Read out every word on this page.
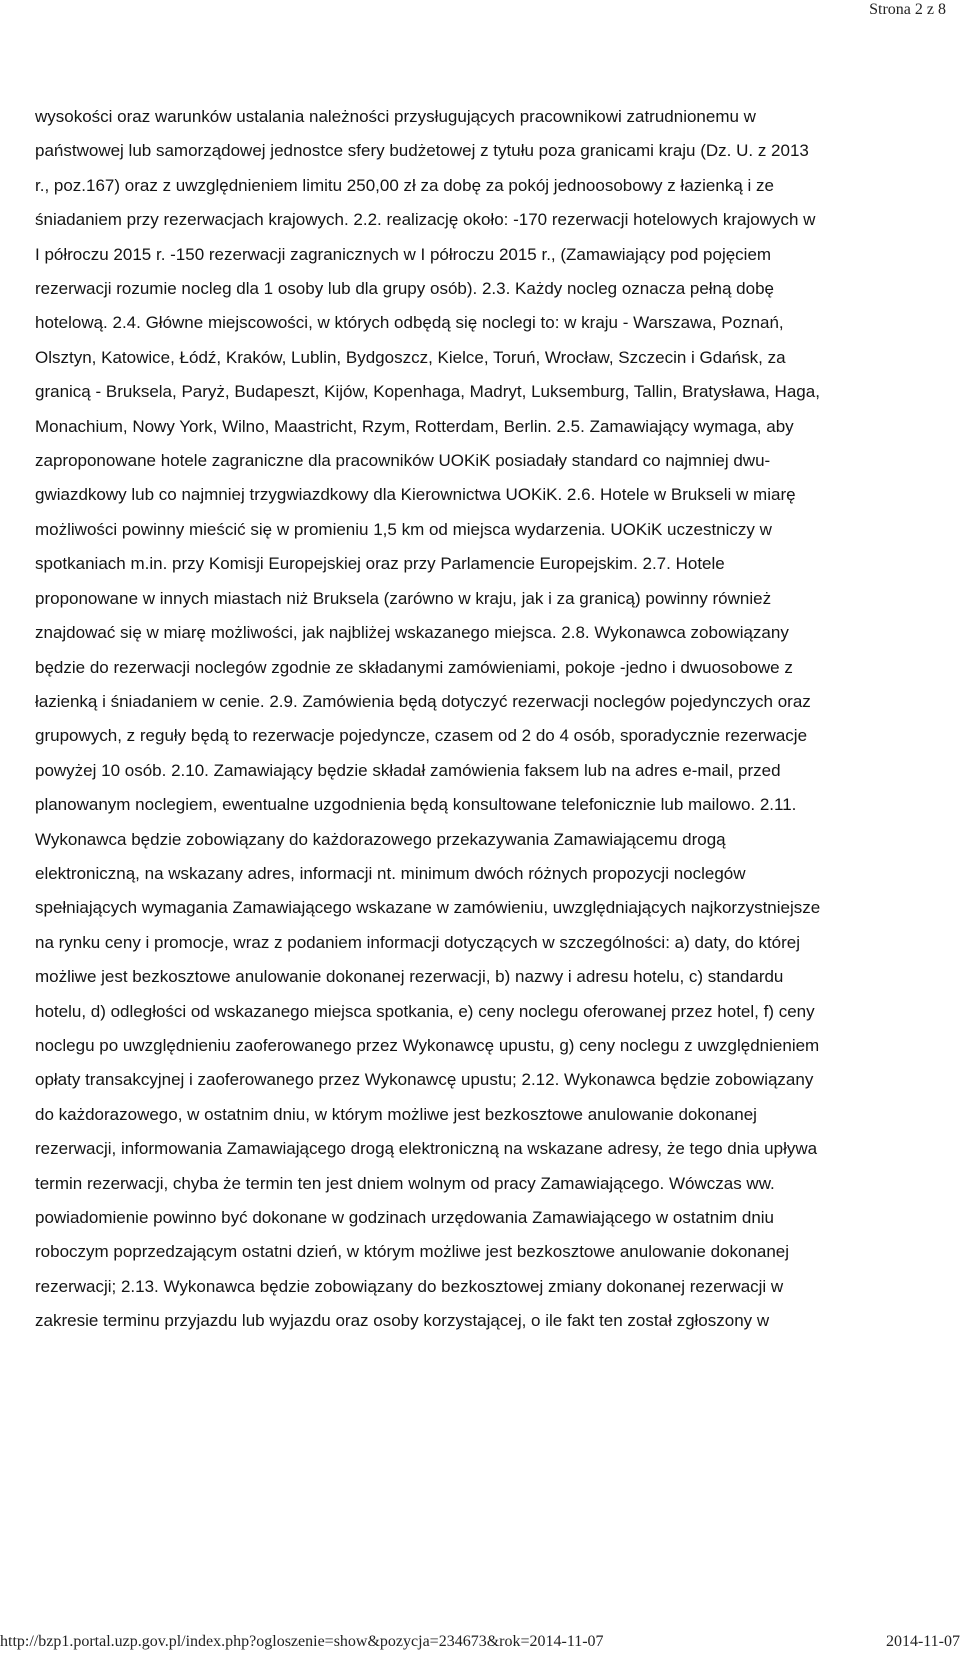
Strona 2 z 8
wysokości oraz warunków ustalania należności przysługujących pracownikowi zatrudnionemu w
państwowej lub samorządowej jednostce sfery budżetowej z tytułu poza granicami kraju (Dz. U. z 2013
r., poz.167) oraz z uwzględnieniem limitu 250,00 zł za dobę za pokój jednoosobowy z łazienką i ze
śniadaniem przy rezerwacjach krajowych. 2.2. realizację około: -170 rezerwacji hotelowych krajowych w
I półroczu 2015 r. -150 rezerwacji zagranicznych w I półroczu 2015 r., (Zamawiający pod pojęciem
rezerwacji rozumie nocleg dla 1 osoby lub dla grupy osób). 2.3. Każdy nocleg oznacza pełną dobę
hotelową. 2.4. Główne miejscowości, w których odbędą się noclegi to: w kraju - Warszawa, Poznań,
Olsztyn, Katowice, Łódź, Kraków, Lublin, Bydgoszcz, Kielce, Toruń, Wrocław, Szczecin i Gdańsk, za
granicą - Bruksela, Paryż, Budapeszt, Kijów, Kopenhaga, Madryt, Luksemburg, Tallin, Bratysława, Haga,
Monachium, Nowy York, Wilno, Maastricht, Rzym, Rotterdam, Berlin. 2.5. Zamawiający wymaga, aby
zaproponowane hotele zagraniczne dla pracowników UOKiK posiadały standard co najmniej dwu-
gwiazdkowy lub co najmniej trzygwiazdkowy dla Kierownictwa UOKiK. 2.6. Hotele w Brukseli w miarę
możliwości powinny mieścić się w promieniu 1,5 km od miejsca wydarzenia. UOKiK uczestniczy w
spotkaniach m.in. przy Komisji Europejskiej oraz przy Parlamencie Europejskim. 2.7. Hotele
proponowane w innych miastach niż Bruksela (zarówno w kraju, jak i za granicą) powinny również
znajdować się w miarę możliwości, jak najbliżej wskazanego miejsca. 2.8. Wykonawca zobowiązany
będzie do rezerwacji noclegów zgodnie ze składanymi zamówieniami, pokoje -jedno i dwuosobowe z
łazienką i śniadaniem w cenie. 2.9. Zamówienia będą dotyczyć rezerwacji noclegów pojedynczych oraz
grupowych, z reguły będą to rezerwacje pojedyncze, czasem od 2 do 4 osób, sporadycznie rezerwacje
powyżej 10 osób. 2.10. Zamawiający będzie składał zamówienia faksem lub na adres e-mail, przed
planowanym noclegiem, ewentualne uzgodnienia będą konsultowane telefonicznie lub mailowo. 2.11.
Wykonawca będzie zobowiązany do każdorazowego przekazywania Zamawiającemu drogą
elektroniczną, na wskazany adres, informacji nt. minimum dwóch różnych propozycji noclegów
spełniających wymagania Zamawiającego wskazane w zamówieniu, uwzględniających najkorzystniejsze
na rynku ceny i promocje, wraz z podaniem informacji dotyczących w szczególności: a) daty, do której
możliwe jest bezkosztowe anulowanie dokonanej rezerwacji, b) nazwy i adresu hotelu, c) standardu
hotelu, d) odległości od wskazanego miejsca spotkania, e) ceny noclegu oferowanej przez hotel, f) ceny
noclegu po uwzględnieniu zaoferowanego przez Wykonawcę upustu, g) ceny noclegu z uwzględnieniem
opłaty transakcyjnej i zaoferowanego przez Wykonawcę upustu; 2.12. Wykonawca będzie zobowiązany
do każdorazowego, w ostatnim dniu, w którym możliwe jest bezkosztowe anulowanie dokonanej
rezerwacji, informowania Zamawiającego drogą elektroniczną na wskazane adresy, że tego dnia upływa
termin rezerwacji, chyba że termin ten jest dniem wolnym od pracy Zamawiającego. Wówczas ww.
powiadomienie powinno być dokonane w godzinach urzędowania Zamawiającego w ostatnim dniu
roboczym poprzedzającym ostatni dzień, w którym możliwe jest bezkosztowe anulowanie dokonanej
rezerwacji; 2.13. Wykonawca będzie zobowiązany do bezkosztowej zmiany dokonanej rezerwacji w
zakresie terminu przyjazdu lub wyjazdu oraz osoby korzystającej, o ile fakt ten został zgłoszony w
http://bzp1.portal.uzp.gov.pl/index.php?ogloszenie=show&pozycja=234673&rok=2014-11-07	2014-11-07
